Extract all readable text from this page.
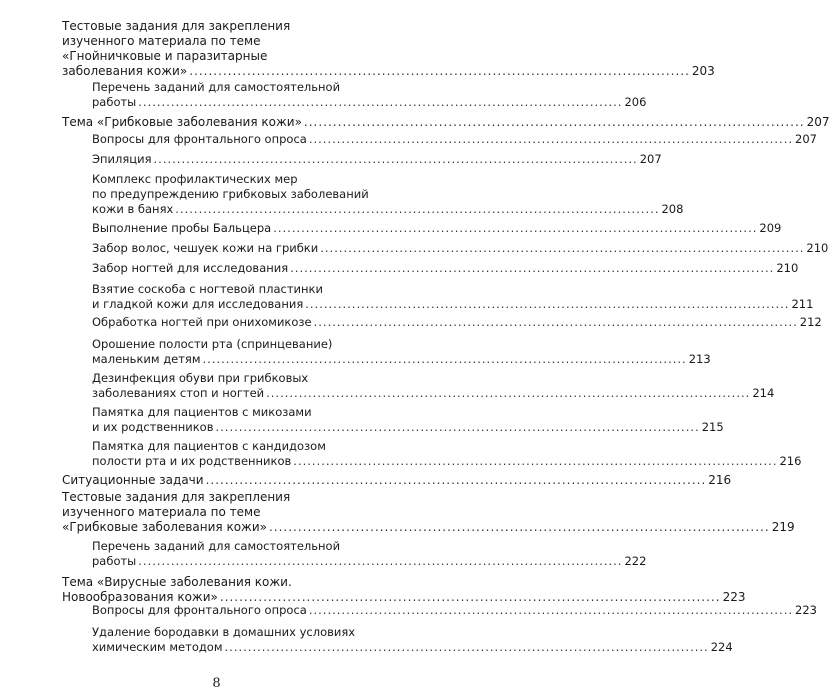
Тестовые задания для закрепления
изученного материала по теме
«Гнойничковые и паразитарные
заболевания кожи» ........................................................................................................ 203
Перечень заданий для самостоятельной
работы ........................................................................................................ 206
Тема «Грибковые заболевания кожи» ........................................................................................................ 207
Вопросы для фронтального опроса ........................................................................................................ 207
Эпиляция ........................................................................................................ 207
Комплекс профилактических мер
по предупреждению грибковых заболеваний
кожи в банях ........................................................................................................ 208
Выполнение пробы Бальцера ........................................................................................................ 209
Забор волос, чешуек кожи на грибки ........................................................................................................ 210
Забор ногтей для исследования ........................................................................................................ 210
Взятие соскоба с ногтевой пластинки
и гладкой кожи для исследования ........................................................................................................ 211
Обработка ногтей при онихомикозе ........................................................................................................ 212
Орошение полости рта (спринцевание)
маленьким детям ........................................................................................................ 213
Дезинфекция обуви при грибковых
заболеваниях стоп и ногтей ........................................................................................................ 214
Памятка для пациентов с микозами
и их родственников ........................................................................................................ 215
Памятка для пациентов с кандидозом
полости рта и их родственников ........................................................................................................ 216
Ситуационные задачи ........................................................................................................ 216
Тестовые задания для закрепления
изученного материала по теме
«Грибковые заболевания кожи» ........................................................................................................ 219
Перечень заданий для самостоятельной
работы ........................................................................................................ 222
Тема «Вирусные заболевания кожи.
Новообразования кожи» ........................................................................................................ 223
Вопросы для фронтального опроса ........................................................................................................ 223
Удаление бородавки в домашних условиях
химическим методом ........................................................................................................ 224
8
